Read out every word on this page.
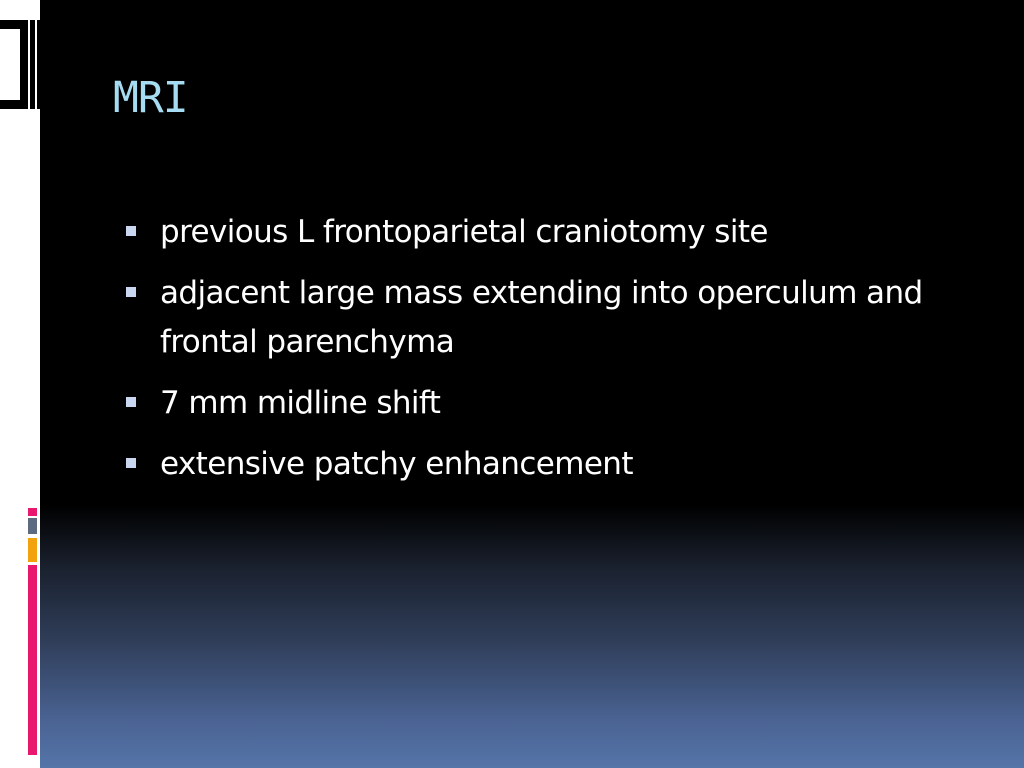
MRI
previous L frontoparietal craniotomy site
adjacent large mass extending into operculum and frontal parenchyma
7 mm midline shift
extensive patchy enhancement
